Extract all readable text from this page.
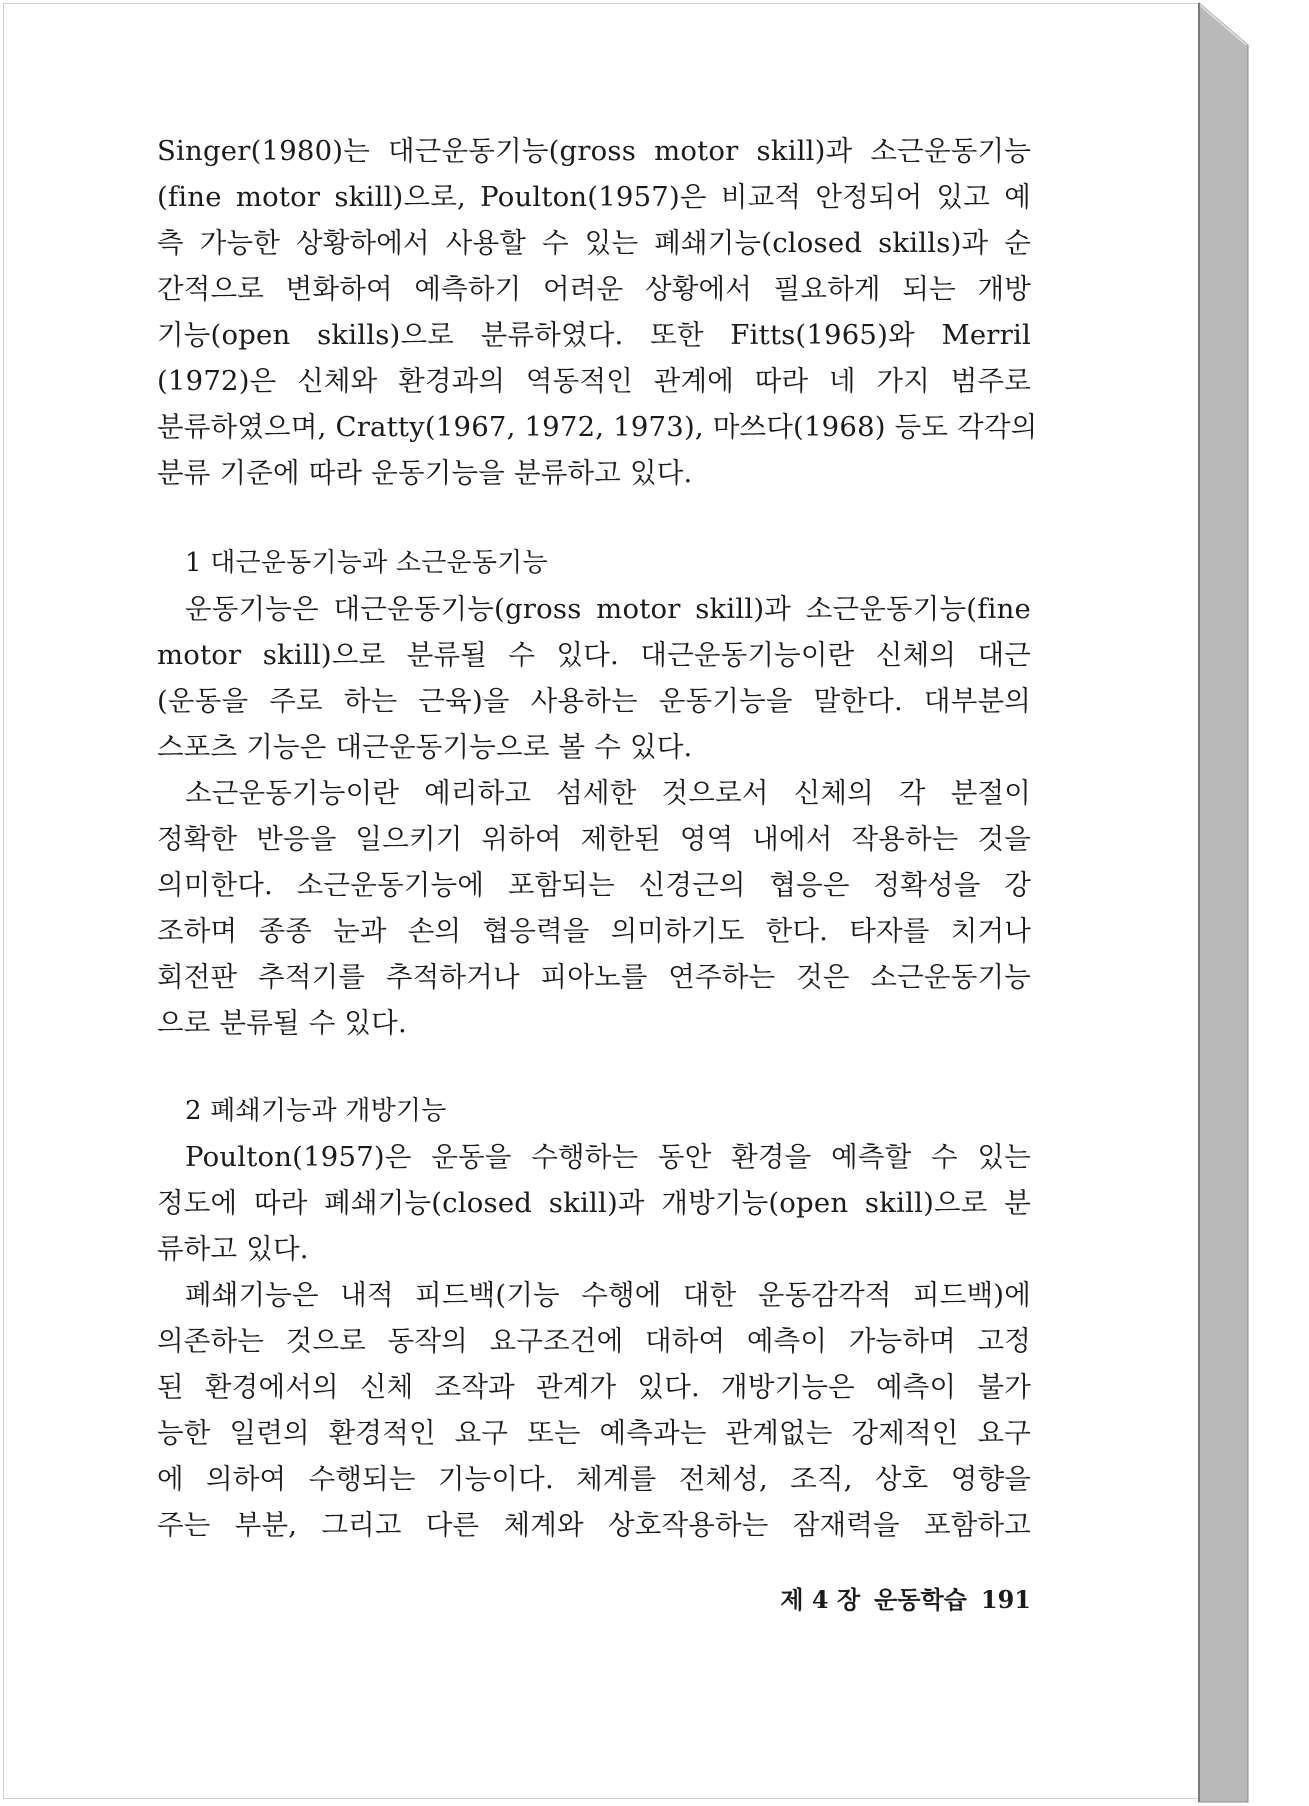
Singer(1980)는 대근운동기능(gross motor skill)과 소근운동기능
(fine motor skill)으로, Poulton(1957)은 비교적 안정되어 있고 예
측 가능한 상황하에서 사용할 수 있는 폐쇄기능(closed skills)과 순
간적으로 변화하여 예측하기 어려운 상황에서 필요하게 되는 개방
기능(open skills)으로 분류하였다. 또한 Fitts(1965)와 Merril
(1972)은 신체와 환경과의 역동적인 관계에 따라 네 가지 범주로
분류하였으며, Cratty(1967, 1972, 1973), 마쓰다(1968) 등도 각각의
분류 기준에 따라 운동기능을 분류하고 있다.
1 대근운동기능과 소근운동기능
운동기능은 대근운동기능(gross motor skill)과 소근운동기능(fine
motor skill)으로 분류될 수 있다. 대근운동기능이란 신체의 대근
(운동을 주로 하는 근육)을 사용하는 운동기능을 말한다. 대부분의
스포츠 기능은 대근운동기능으로 볼 수 있다.
소근운동기능이란 예리하고 섬세한 것으로서 신체의 각 분절이
정확한 반응을 일으키기 위하여 제한된 영역 내에서 작용하는 것을
의미한다. 소근운동기능에 포함되는 신경근의 협응은 정확성을 강
조하며 종종 눈과 손의 협응력을 의미하기도 한다. 타자를 치거나
회전판 추적기를 추적하거나 피아노를 연주하는 것은 소근운동기능
으로 분류될 수 있다.
2 폐쇄기능과 개방기능
Poulton(1957)은 운동을 수행하는 동안 환경을 예측할 수 있는
정도에 따라 폐쇄기능(closed skill)과 개방기능(open skill)으로 분
류하고 있다.
폐쇄기능은 내적 피드백(기능 수행에 대한 운동감각적 피드백)에
의존하는 것으로 동작의 요구조건에 대하여 예측이 가능하며 고정
된 환경에서의 신체 조작과 관계가 있다. 개방기능은 예측이 불가
능한 일련의 환경적인 요구 또는 예측과는 관계없는 강제적인 요구
에 의하여 수행되는 기능이다. 체계를 전체성, 조직, 상호 영향을
주는 부분, 그리고 다른 체계와 상호작용하는 잠재력을 포함하고
제 4 장 운동학습 191
